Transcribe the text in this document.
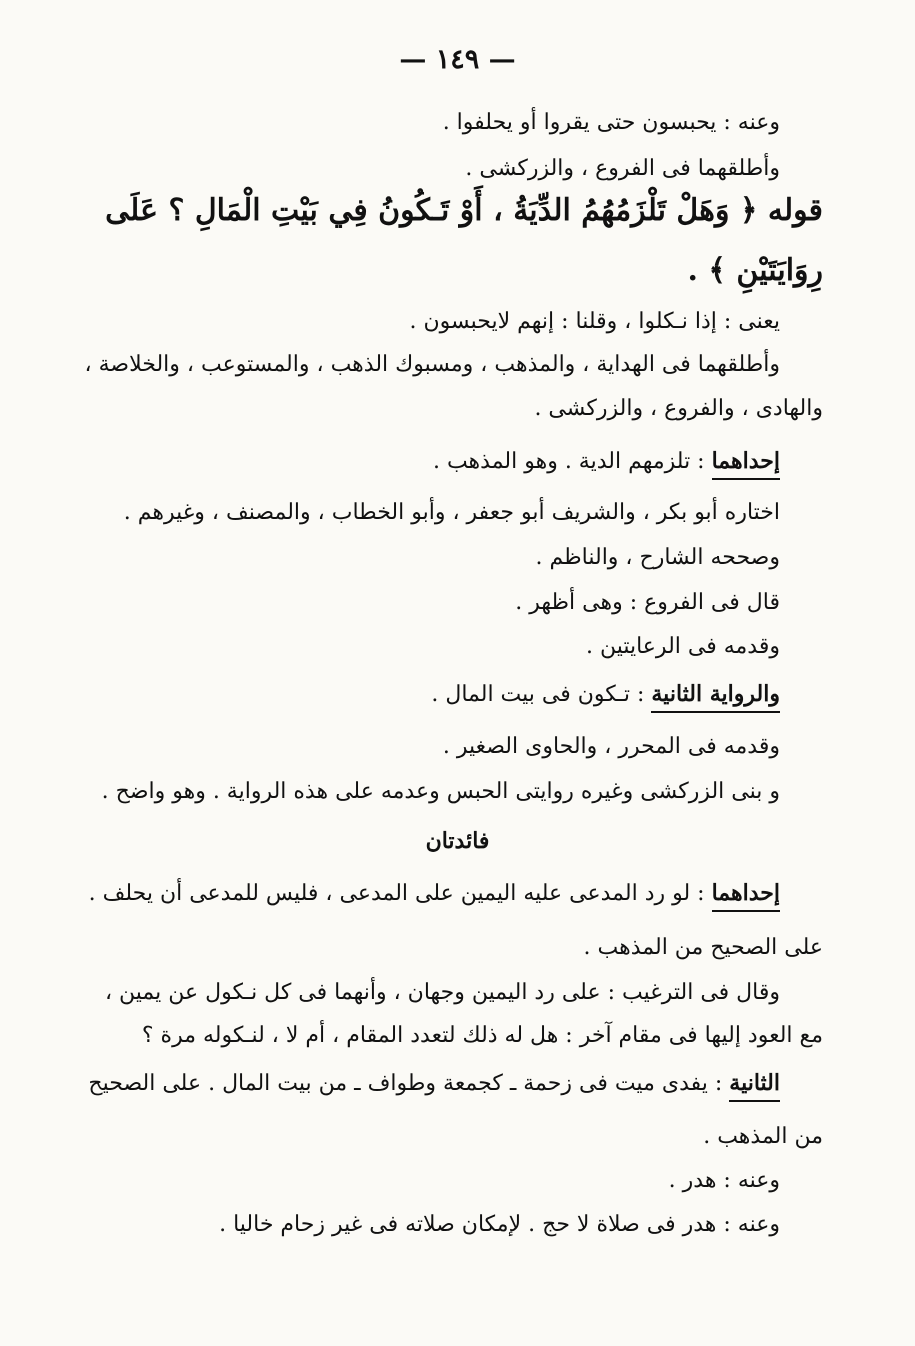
— ١٤٩ —
وعنه : يحبسون حتى يقروا أو يحلفوا .
وأطلقهما فى الفروع ، والزركشى .
قوله ﴿ وَهَلْ تَلْزَمُهُمُ الدِّيَةُ ، أَوْ تَـكُونُ فِي بَيْتِ الْمَالِ ؟ عَلَى
رِوَايَتَيْنِ ﴾ .
يعنى : إذا نـكلوا ، وقلنا : إنهم لايحبسون .
وأطلقهما فى الهداية ، والمذهب ، ومسبوك الذهب ، والمستوعب ، والخلاصة ،
والهادى ، والفروع ، والزركشى .
إحداهما : تلزمهم الدية . وهو المذهب .
اختاره أبو بكر ، والشريف أبو جعفر ، وأبو الخطاب ، والمصنف ، وغيرهم .
وصححه الشارح ، والناظم .
قال فى الفروع : وهى أظهر .
وقدمه فى الرعايتين .
والرواية الثانية : تـكون فى بيت المال .
وقدمه فى المحرر ، والحاوى الصغير .
و بنى الزركشى وغيره روايتى الحبس وعدمه على هذه الرواية . وهو واضح .
فائدتان
إحداهما : لو رد المدعى عليه اليمين على المدعى ، فليس للمدعى أن يحلف .
على الصحيح من المذهب .
وقال فى الترغيب : على رد اليمين وجهان ، وأنهما فى كل نـكول عن يمين ،
مع العود إليها فى مقام آخر : هل له ذلك لتعدد المقام ، أم لا ، لنـكوله مرة ؟
الثانية : يفدى ميت فى زحمة ـ كجمعة وطواف ـ من بيت المال . على الصحيح
من المذهب .
وعنه : هدر .
وعنه : هدر فى صلاة لا حج . لإمكان صلاته فى غير زحام خاليا .
